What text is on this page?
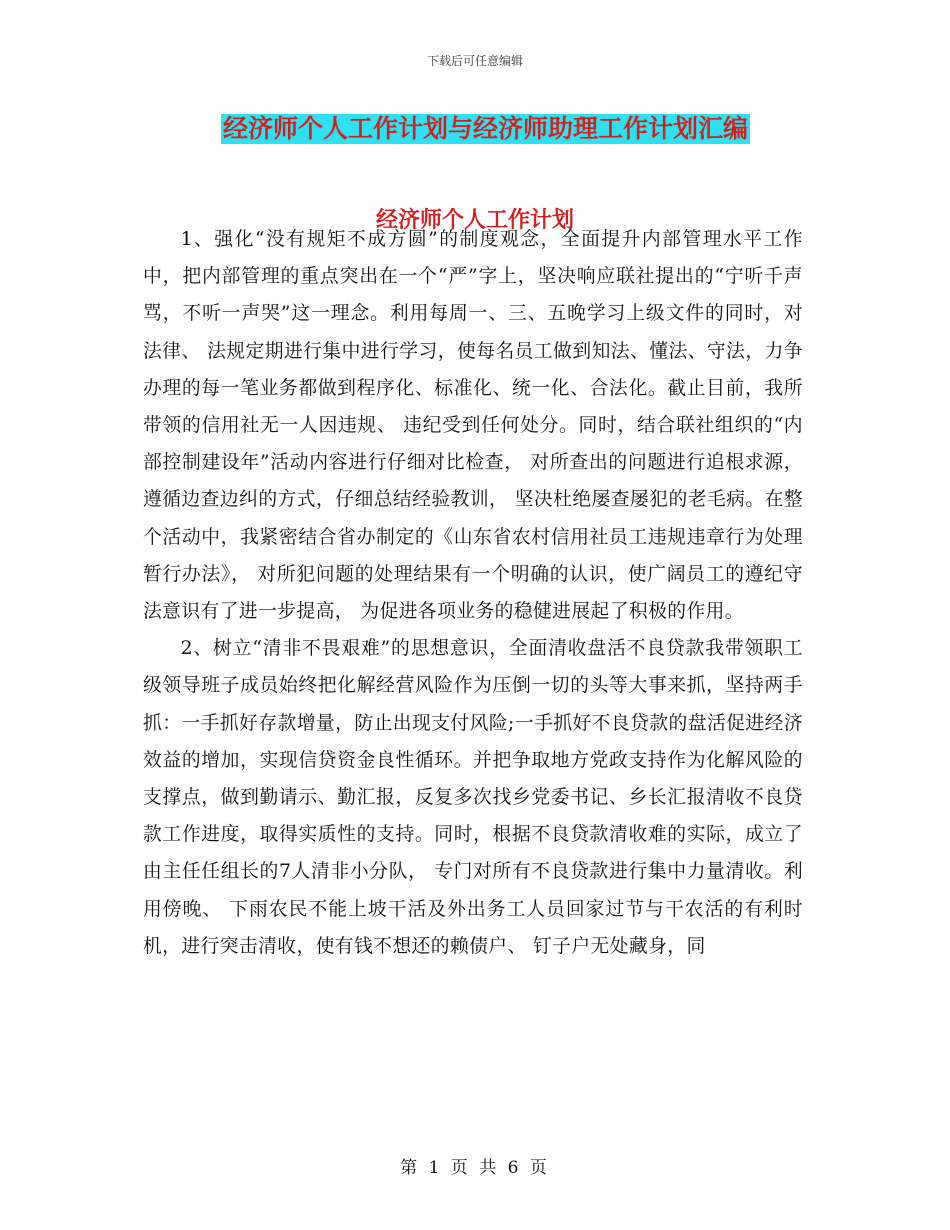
下载后可任意编辑
经济师个人工作计划与经济师助理工作计划汇编
经济师个人工作计划

1、强化“没有规矩不成方圆”的制度观念，全面提升内部管理水平工作中，把内部管理的重点突出在一个“严”字上，坚决响应联社提出的“宁听千声骂，不听一声哭”这一理念。利用每周一、三、五晚学习上级文件的同时，对法律、 法规定期进行集中进行学习，使每名员工做到知法、懂法、守法，力争办理的每一笔业务都做到程序化、标准化、统一化、合法化。截止目前，我所带领的信用社无一人因违规、 违纪受到任何处分。同时，结合联社组织的“内部控制建设年”活动内容进行仔细对比检查， 对所查出的问题进行追根求源，遵循边查边纠的方式，仔细总结经验教训， 坚决杜绝屡查屡犯的老毛病。在整个活动中，我紧密结合省办制定的《山东省农村信用社员工违规违章行为处理暂行办法》， 对所犯问题的处理结果有一个明确的认识，使广阔员工的遵纪守法意识有了进一步提高， 为促进各项业务的稳健进展起了积极的作用。

2、树立“清非不畏艰难”的思想意识，全面清收盘活不良贷款我带领职工级领导班子成员始终把化解经营风险作为压倒一切的头等大事来抓，坚持两手抓：一手抓好存款增量，防止出现支付风险;一手抓好不良贷款的盘活促进经济效益的增加，实现信贷资金良性循环。并把争取地方党政支持作为化解风险的支撑点，做到勤请示、勤汇报，反复多次找乡党委书记、乡长汇报清收不良贷款工作进度，取得实质性的支持。同时，根据不良贷款清收难的实际，成立了由主任任组长的7人清非小分队， 专门对所有不良贷款进行集中力量清收。利用傍晚、 下雨农民不能上坡干活及外出务工人员回家过节与干农活的有利时机，进行突击清收，使有钱不想还的赖债户、 钉子户无处藏身，同

第 1 页 共 6 页
